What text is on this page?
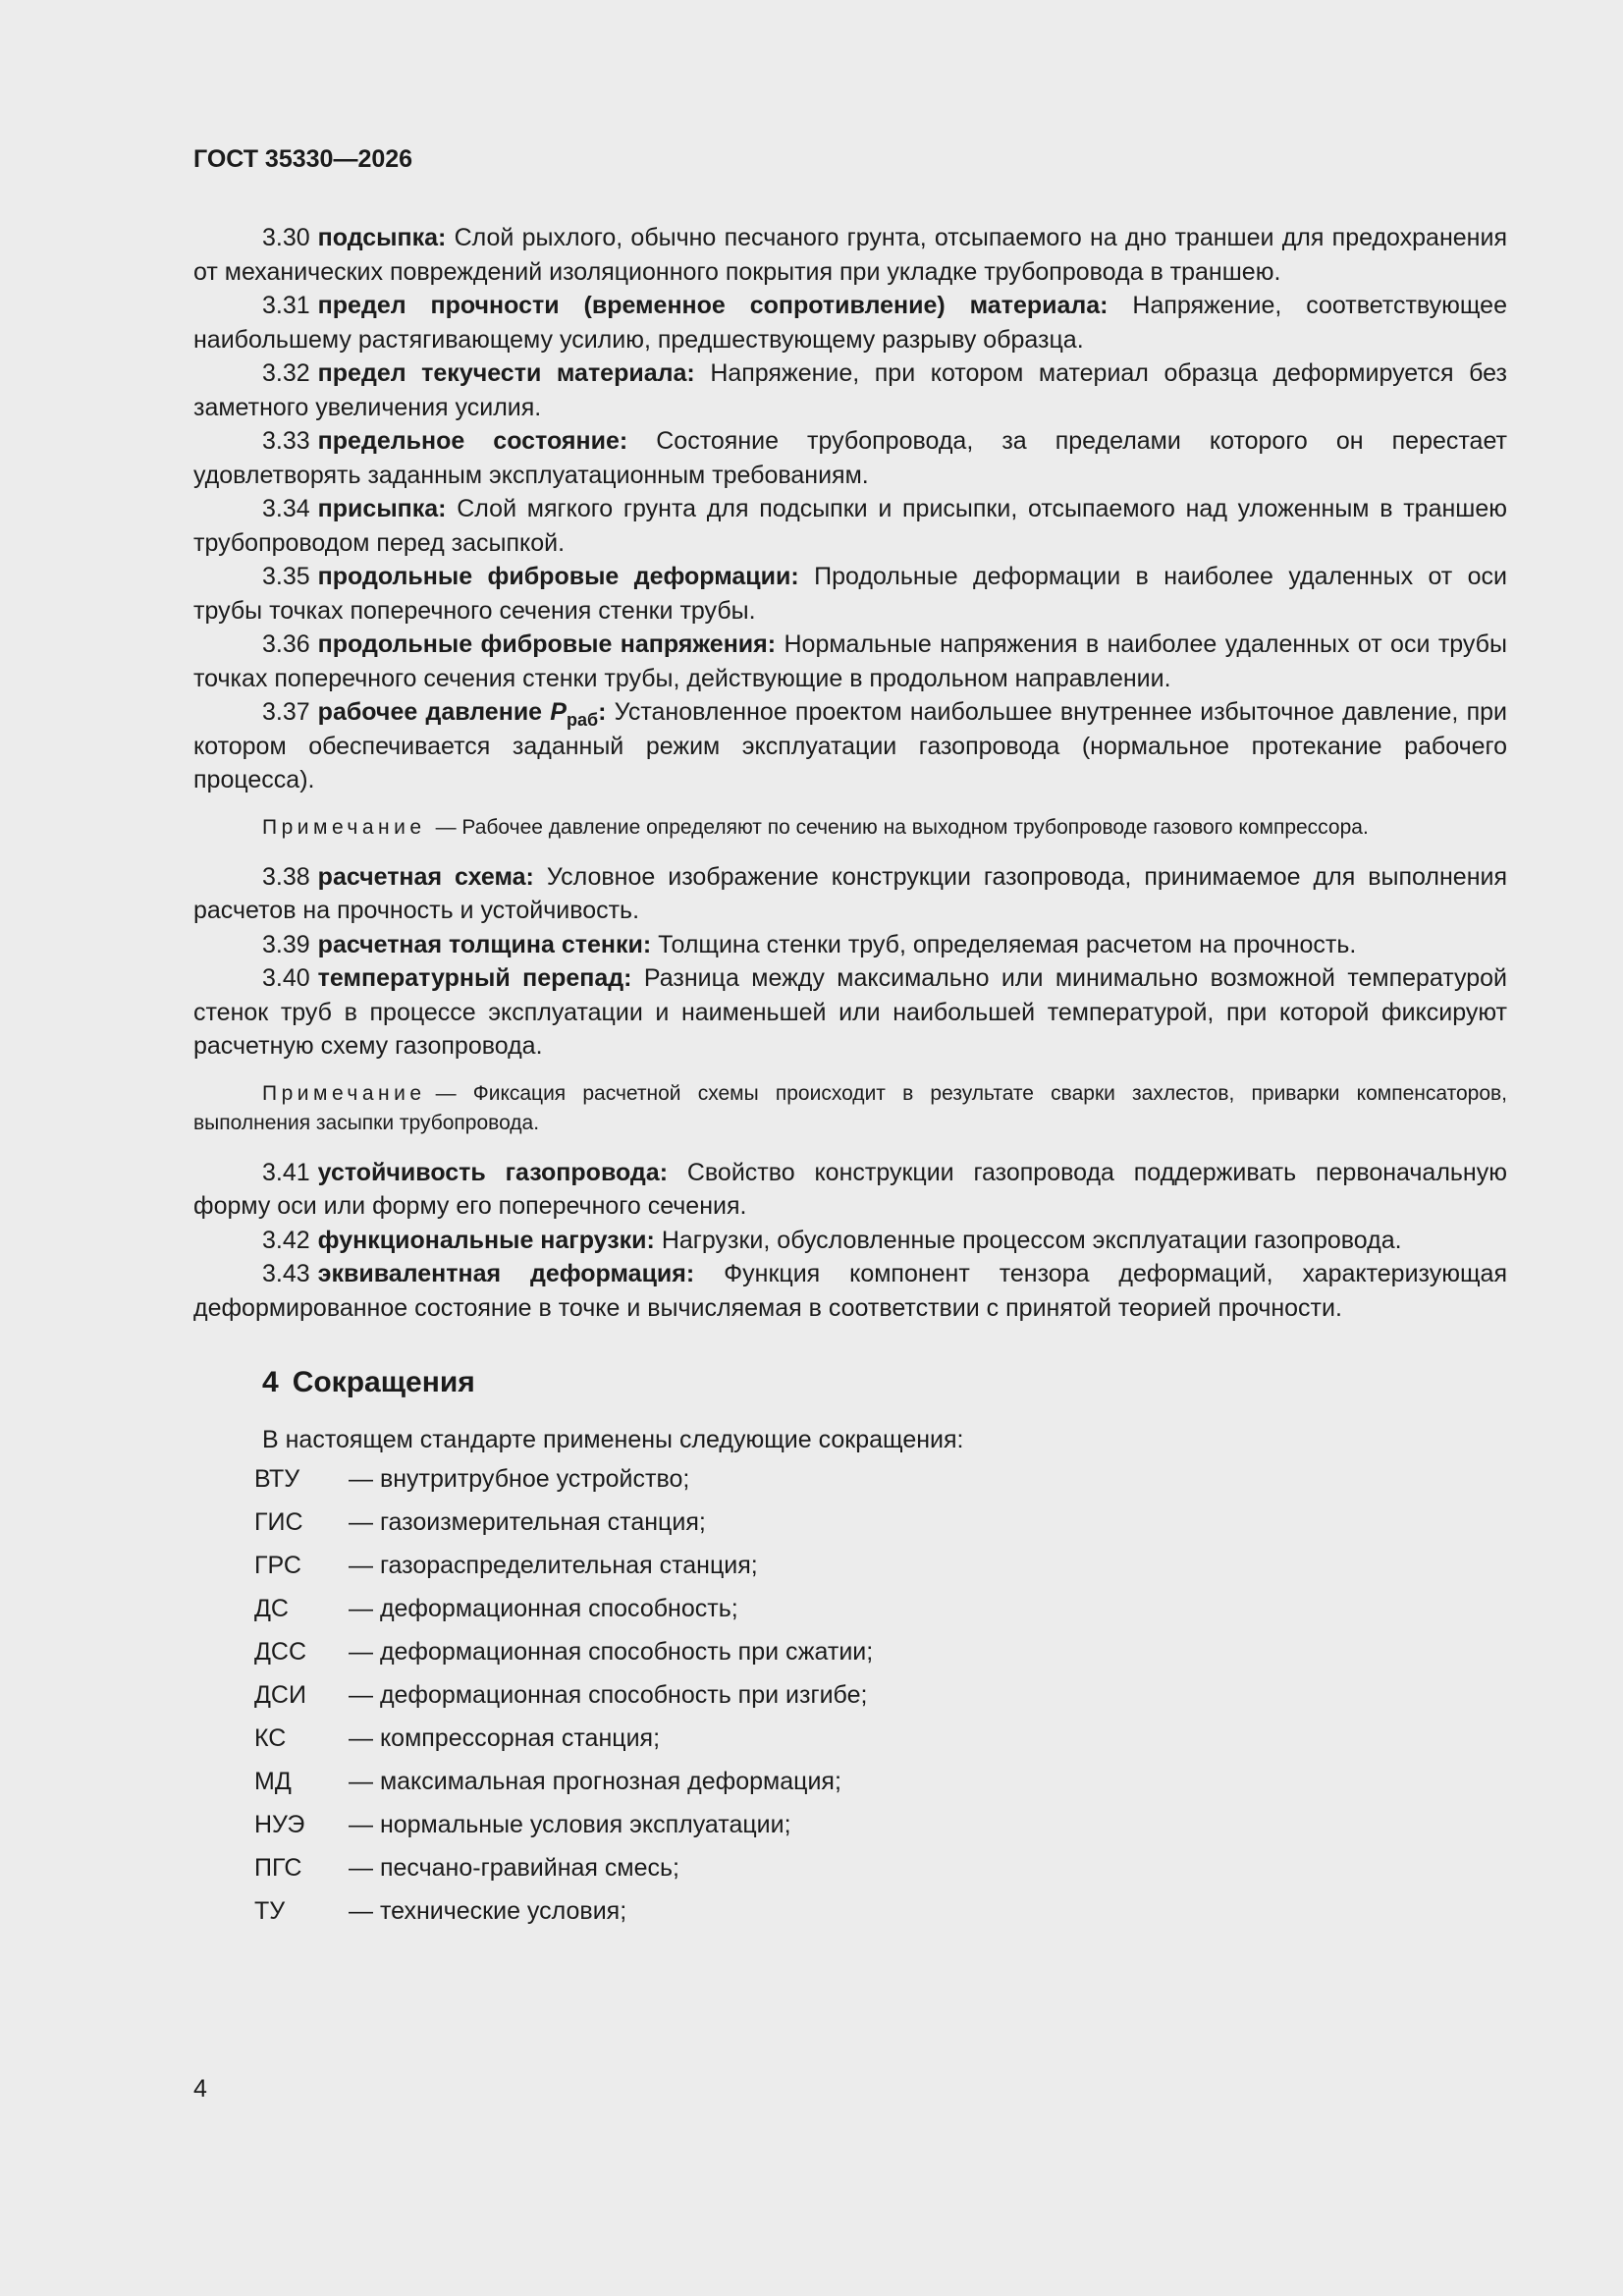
ГОСТ 35330—2026

3.30 подсыпка: Слой рыхлого, обычно песчаного грунта, отсыпаемого на дно траншеи для предохранения от механических повреждений изоляционного покрытия при укладке трубопровода в траншею.

3.31 предел прочности (временное сопротивление) материала: Напряжение, соответствующее наибольшему растягивающему усилию, предшествующему разрыву образца.

3.32 предел текучести материала: Напряжение, при котором материал образца деформируется без заметного увеличения усилия.

3.33 предельное состояние: Состояние трубопровода, за пределами которого он перестает удовлетворять заданным эксплуатационным требованиям.

3.34 присыпка: Слой мягкого грунта для подсыпки и присыпки, отсыпаемого над уложенным в траншею трубопроводом перед засыпкой.

3.35 продольные фибровые деформации: Продольные деформации в наиболее удаленных от оси трубы точках поперечного сечения стенки трубы.

3.36 продольные фибровые напряжения: Нормальные напряжения в наиболее удаленных от оси трубы точках поперечного сечения стенки трубы, действующие в продольном направлении.

3.37 рабочее давление $P_{раб}$: Установленное проектом наибольшее внутреннее избыточное давление, при котором обеспечивается заданный режим эксплуатации газопровода (нормальное протекание рабочего процесса).

Примечание — Рабочее давление определяют по сечению на выходном трубопроводе газового компрессора.

3.38 расчетная схема: Условное изображение конструкции газопровода, принимаемое для выполнения расчетов на прочность и устойчивость.

3.39 расчетная толщина стенки: Толщина стенки труб, определяемая расчетом на прочность.

3.40 температурный перепад: Разница между максимально или минимально возможной температурой стенок труб в процессе эксплуатации и наименьшей или наибольшей температурой, при которой фиксируют расчетную схему газопровода.

Примечание — Фиксация расчетной схемы происходит в результате сварки захлестов, приварки компенсаторов, выполнения засыпки трубопровода.

3.41 устойчивость газопровода: Свойство конструкции газопровода поддерживать первоначальную форму оси или форму его поперечного сечения.

3.42 функциональные нагрузки: Нагрузки, обусловленные процессом эксплуатации газопровода.

3.43 эквивалентная деформация: Функция компонент тензора деформаций, характеризующая деформированное состояние в точке и вычисляемая в соответствии с принятой теорией прочности.

4 Сокращения

В настоящем стандарте применены следующие сокращения:

ВТУ	— внутритрубное устройство;
ГИС	— газоизмерительная станция;
ГРС	— газораспределительная станция;
ДС	— деформационная способность;
ДСС	— деформационная способность при сжатии;
ДСИ	— деформационная способность при изгибе;
КС	— компрессорная станция;
МД	— максимальная прогнозная деформация;
НУЭ	— нормальные условия эксплуатации;
ПГС	— песчано-гравийная смесь;
ТУ	— технические условия;
4
